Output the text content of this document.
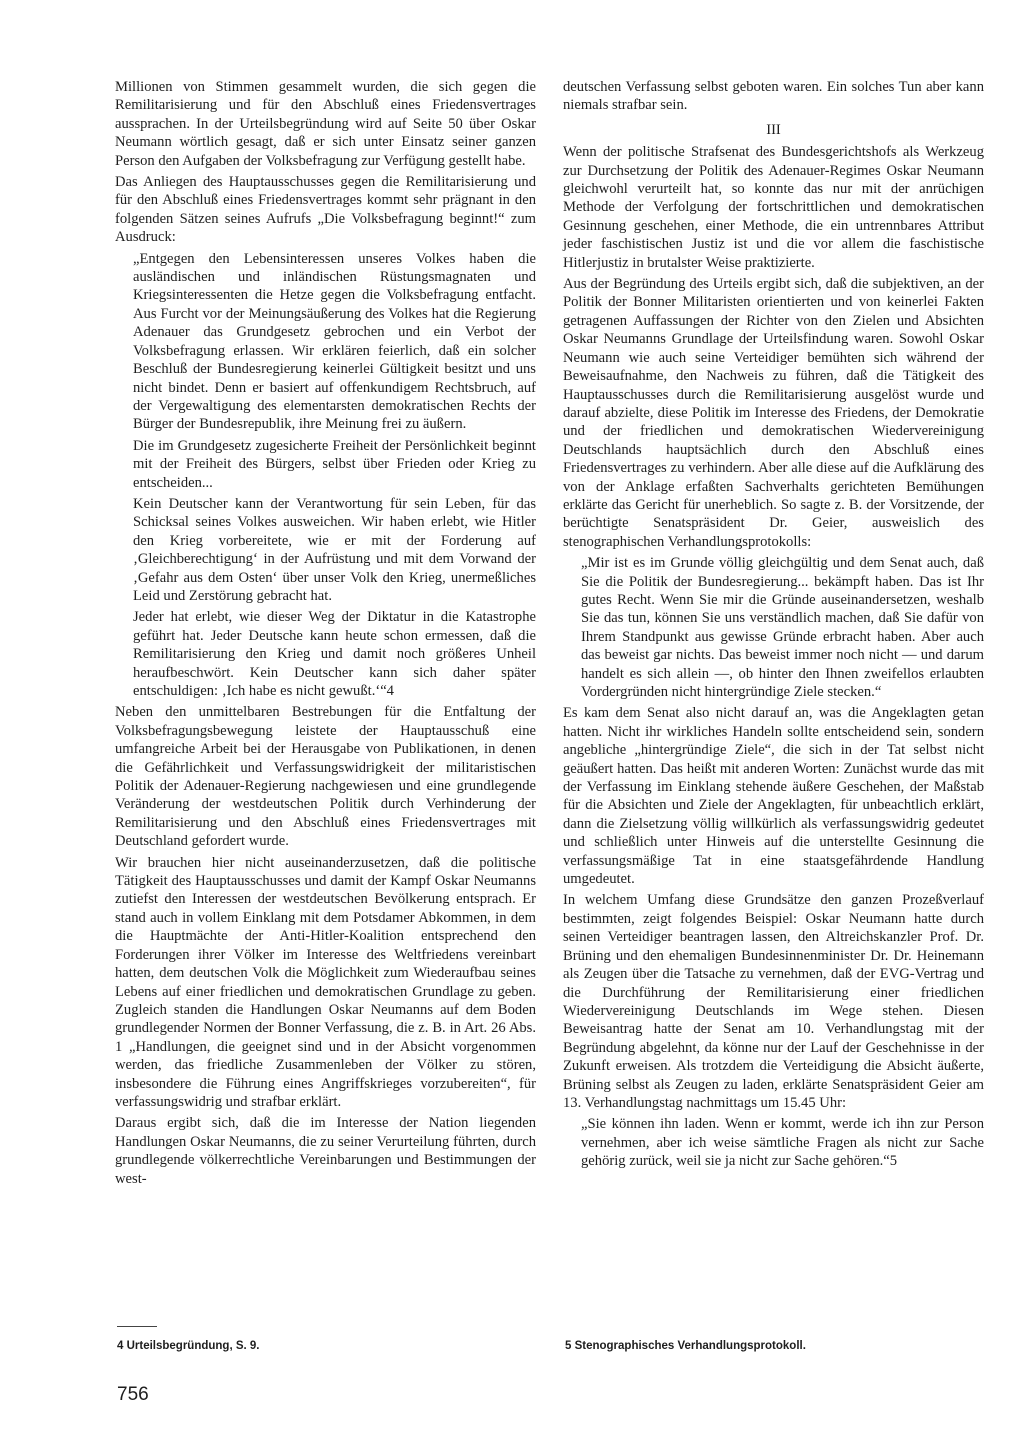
Millionen von Stimmen gesammelt wurden, die sich gegen die Remilitarisierung und für den Abschluß eines Friedensvertrages aussprachen. In der Urteilsbegründung wird auf Seite 50 über Oskar Neumann wörtlich gesagt, daß er sich unter Einsatz seiner ganzen Person den Aufgaben der Volksbefragung zur Verfügung gestellt habe.

Das Anliegen des Hauptausschusses gegen die Remilitarisierung und für den Abschluß eines Friedensvertrages kommt sehr prägnant in den folgenden Sätzen seines Aufrufs „Die Volksbefragung beginnt!“ zum Ausdruck:

„Entgegen den Lebensinteressen unseres Volkes haben die ausländischen und inländischen Rüstungsmagnaten und Kriegsinteressenten die Hetze gegen die Volksbefragung entfacht. Aus Furcht vor der Meinungsäußerung des Volkes hat die Regierung Adenauer das Grundgesetz gebrochen und ein Verbot der Volksbefragung erlassen. Wir erklären feierlich, daß ein solcher Beschluß der Bundesregierung keinerlei Gültigkeit besitzt und uns nicht bindet. Denn er basiert auf offenkundigem Rechtsbruch, auf der Vergewaltigung des elementarsten demokratischen Rechts der Bürger der Bundesrepublik, ihre Meinung frei zu äußern.

Die im Grundgesetz zugesicherte Freiheit der Persönlichkeit beginnt mit der Freiheit des Bürgers, selbst über Frieden oder Krieg zu entscheiden...

Kein Deutscher kann der Verantwortung für sein Leben, für das Schicksal seines Volkes ausweichen. Wir haben erlebt, wie Hitler den Krieg vorbereitete, wie er mit der Forderung auf ‚Gleichberechtigung‘ in der Aufrüstung und mit dem Vorwand der ‚Gefahr aus dem Osten‘ über unser Volk den Krieg, unermeßliches Leid und Zerstörung gebracht hat.

Jeder hat erlebt, wie dieser Weg der Diktatur in die Katastrophe geführt hat. Jeder Deutsche kann heute schon ermessen, daß die Remilitarisierung den Krieg und damit noch größeres Unheil heraufbeschwört. Kein Deutscher kann sich daher später entschuldigen: ‚Ich habe es nicht gewußt.‘“4

Neben den unmittelbaren Bestrebungen für die Entfaltung der Volksbefragungsbewegung leistete der Hauptausschuß eine umfangreiche Arbeit bei der Herausgabe von Publikationen, in denen die Gefährlichkeit und Verfassungswidrigkeit der militaristischen Politik der Adenauer-Regierung nachgewiesen und eine grundlegende Veränderung der westdeutschen Politik durch Verhinderung der Remilitarisierung und den Abschluß eines Friedensvertrages mit Deutschland gefordert wurde.

Wir brauchen hier nicht auseinanderzusetzen, daß die politische Tätigkeit des Hauptausschusses und damit der Kampf Oskar Neumanns zutiefst den Interessen der westdeutschen Bevölkerung entsprach. Er stand auch in vollem Einklang mit dem Potsdamer Abkommen, in dem die Hauptmächte der Anti-Hitler-Koalition entsprechend den Forderungen ihrer Völker im Interesse des Weltfriedens vereinbart hatten, dem deutschen Volk die Möglichkeit zum Wiederaufbau seines Lebens auf einer friedlichen und demokratischen Grundlage zu geben. Zugleich standen die Handlungen Oskar Neumanns auf dem Boden grundlegender Normen der Bonner Verfassung, die z. B. in Art. 26 Abs. 1 „Handlungen, die geeignet sind und in der Absicht vorgenommen werden, das friedliche Zusammenleben der Völker zu stören, insbesondere die Führung eines Angriffskrieges vorzubereiten“, für verfassungswidrig und strafbar erklärt.

Daraus ergibt sich, daß die im Interesse der Nation liegenden Handlungen Oskar Neumanns, die zu seiner Verurteilung führten, durch grundlegende völkerrechtliche Vereinbarungen und Bestimmungen der west-

deutschen Verfassung selbst geboten waren. Ein solches Tun aber kann niemals strafbar sein.

III

Wenn der politische Strafsenat des Bundesgerichtshofs als Werkzeug zur Durchsetzung der Politik des Adenauer-Regimes Oskar Neumann gleichwohl verurteilt hat, so konnte das nur mit der anrüchigen Methode der Verfolgung der fortschrittlichen und demokratischen Gesinnung geschehen, einer Methode, die ein untrennbares Attribut jeder faschistischen Justiz ist und die vor allem die faschistische Hitlerjustiz in brutalster Weise praktizierte.

Aus der Begründung des Urteils ergibt sich, daß die subjektiven, an der Politik der Bonner Militaristen orientierten und von keinerlei Fakten getragenen Auffassungen der Richter von den Zielen und Absichten Oskar Neumanns Grundlage der Urteilsfindung waren. Sowohl Oskar Neumann wie auch seine Verteidiger bemühten sich während der Beweisaufnahme, den Nachweis zu führen, daß die Tätigkeit des Hauptausschusses durch die Remilitarisierung ausgelöst wurde und darauf abzielte, diese Politik im Interesse des Friedens, der Demokratie und der friedlichen und demokratischen Wiedervereinigung Deutschlands hauptsächlich durch den Abschluß eines Friedensvertrages zu verhindern. Aber alle diese auf die Aufklärung des von der Anklage erfaßten Sachverhalts gerichteten Bemühungen erklärte das Gericht für unerheblich. So sagte z. B. der Vorsitzende, der berüchtigte Senatspräsident Dr. Geier, ausweislich des stenographischen Verhandlungsprotokolls:

„Mir ist es im Grunde völlig gleichgültig und dem Senat auch, daß Sie die Politik der Bundesregierung... bekämpft haben. Das ist Ihr gutes Recht. Wenn Sie mir die Gründe auseinandersetzen, weshalb Sie das tun, können Sie uns verständlich machen, daß Sie dafür von Ihrem Standpunkt aus gewisse Gründe erbracht haben. Aber auch das beweist gar nichts. Das beweist immer noch nicht — und darum handelt es sich allein —, ob hinter den Ihnen zweifellos erlaubten Vordergründen nicht hintergründige Ziele stecken.“

Es kam dem Senat also nicht darauf an, was die Angeklagten getan hatten. Nicht ihr wirkliches Handeln sollte entscheidend sein, sondern angebliche „hintergründige Ziele“, die sich in der Tat selbst nicht geäußert hatten. Das heißt mit anderen Worten: Zunächst wurde das mit der Verfassung im Einklang stehende äußere Geschehen, der Maßstab für die Absichten und Ziele der Angeklagten, für unbeachtlich erklärt, dann die Zielsetzung völlig willkürlich als verfassungswidrig gedeutet und schließlich unter Hinweis auf die unterstellte Gesinnung die verfassungsmäßige Tat in eine staatsgefährdende Handlung umgedeutet.

In welchem Umfang diese Grundsätze den ganzen Prozeßverlauf bestimmten, zeigt folgendes Beispiel: Oskar Neumann hatte durch seinen Verteidiger beantragen lassen, den Altreichskanzler Prof. Dr. Brüning und den ehemaligen Bundesinnenminister Dr. Dr. Heinemann als Zeugen über die Tatsache zu vernehmen, daß der EVG-Vertrag und die Durchführung der Remilitarisierung einer friedlichen Wiedervereinigung Deutschlands im Wege stehen. Diesen Beweisantrag hatte der Senat am 10. Verhandlungstag mit der Begründung abgelehnt, da könne nur der Lauf der Geschehnisse in der Zukunft erweisen. Als trotzdem die Verteidigung die Absicht äußerte, Brüning selbst als Zeugen zu laden, erklärte Senatspräsident Geier am 13. Verhandlungstag nachmittags um 15.45 Uhr:

„Sie können ihn laden. Wenn er kommt, werde ich ihn zur Person vernehmen, aber ich weise sämtliche Fragen als nicht zur Sache gehörig zurück, weil sie ja nicht zur Sache gehören.“5

4 Urteilsbegründung, S. 9.	5 Stenographisches Verhandlungsprotokoll.
756
